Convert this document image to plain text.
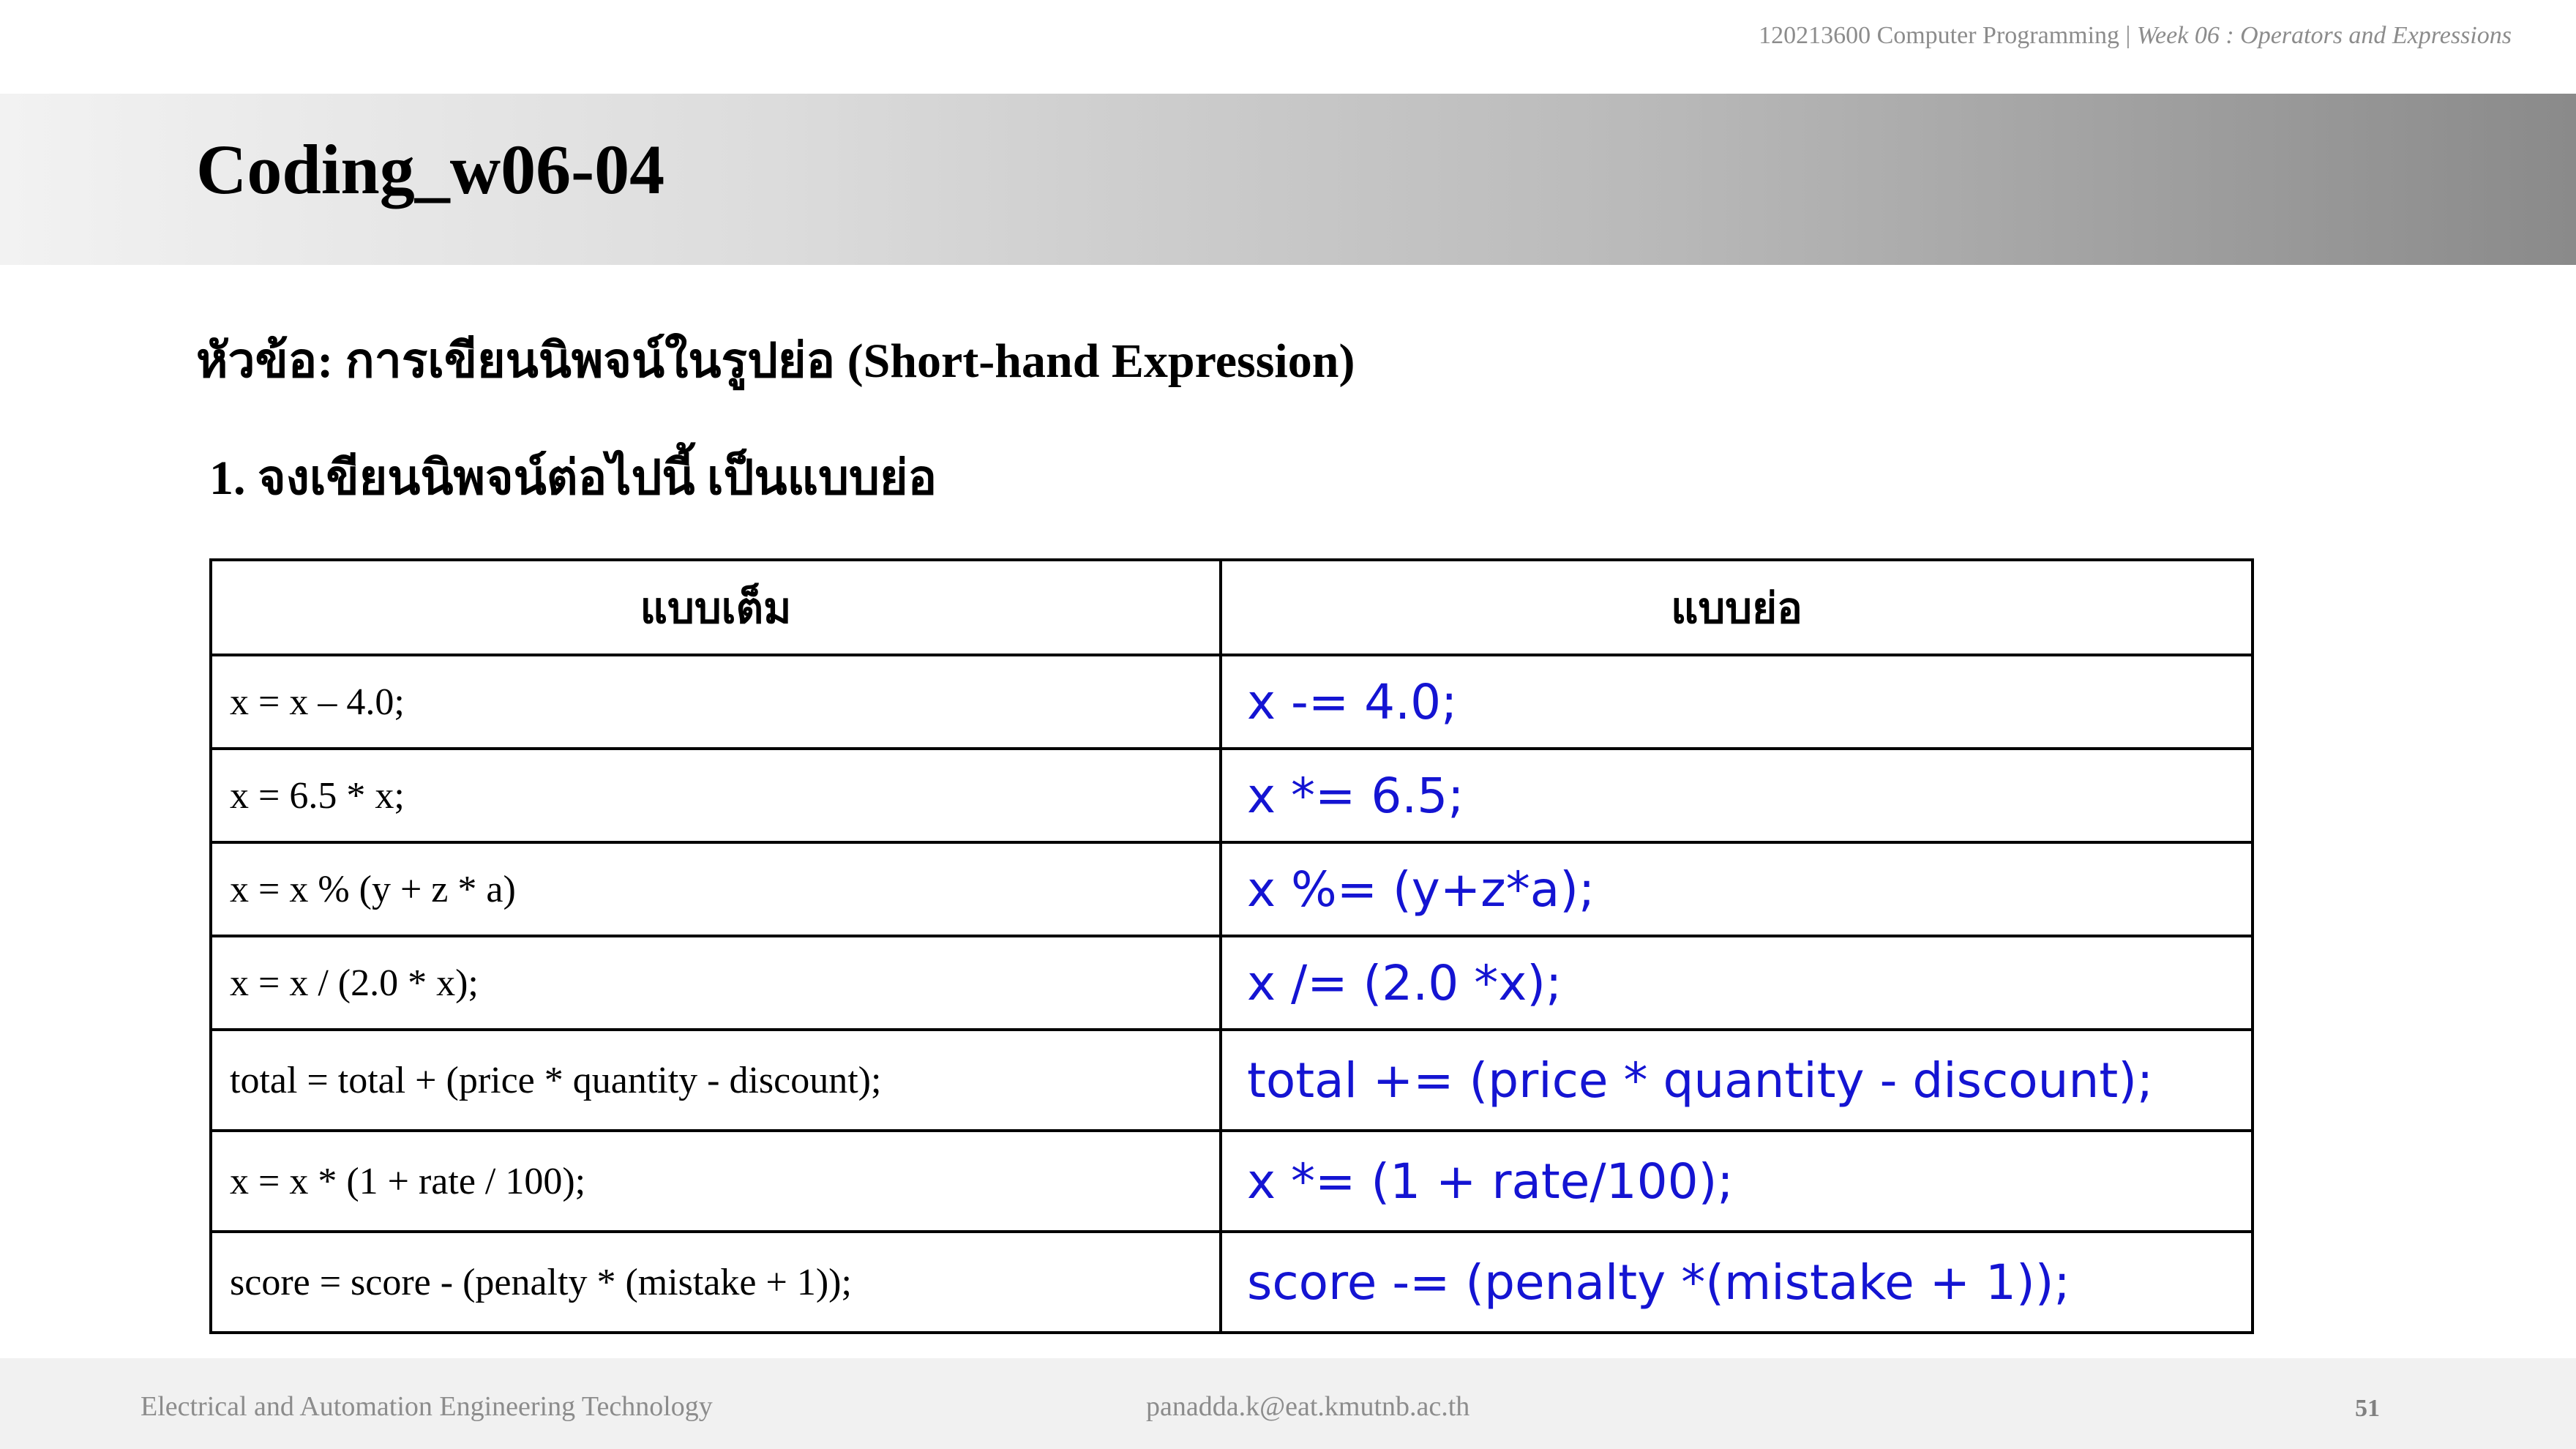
120213600 Computer Programming | Week 06 : Operators and Expressions
Coding_w06-04
หัวข้อ: การเขียนนิพจน์ในรูปย่อ (Short-hand Expression)
1. จงเขียนนิพจน์ต่อไปนี้ เป็นแบบย่อ
แบบเต็ม	แบบย่อ
x = x – 4.0;	x -= 4.0;
x = 6.5 * x;	x *= 6.5;
x = x % (y + z * a)	x %= (y+z*a);
x = x / (2.0 * x);	x /= (2.0 *x);
total = total + (price * quantity - discount);	total += (price * quantity - discount);
x = x * (1 + rate / 100);	x *= (1 + rate/100);
score = score - (penalty * (mistake + 1));	score -= (penalty *(mistake + 1));
Electrical and Automation Engineering Technology	panadda.k@eat.kmutnb.ac.th	51
